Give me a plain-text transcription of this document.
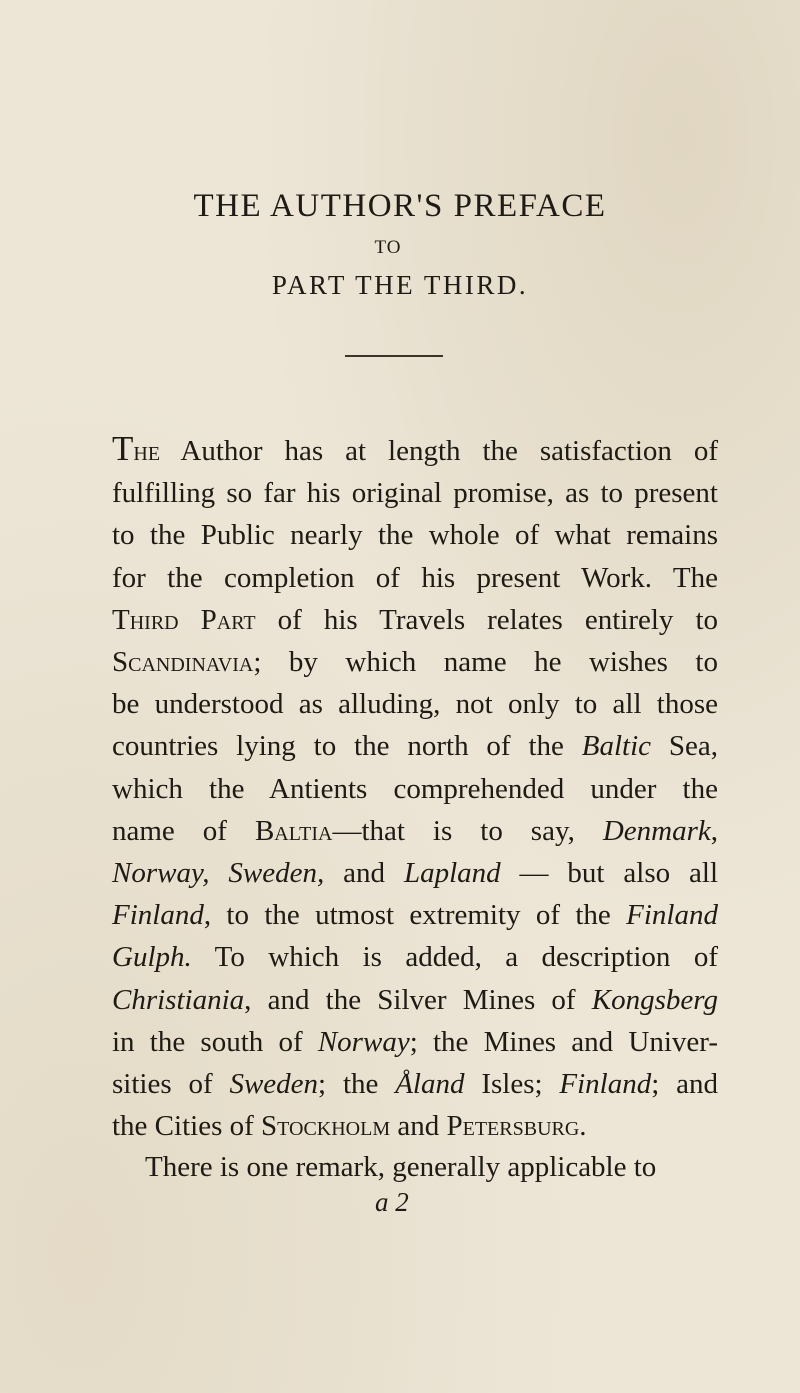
THE AUTHOR'S PREFACE
TO
PART THE THIRD.
The Author has at length the satisfaction of
fulfilling so far his original promise, as to present
to the Public nearly the whole of what remains
for the completion of his present Work. The
Third Part of his Travels relates entirely to
Scandinavia; by which name he wishes to
be understood as alluding, not only to all those
countries lying to the north of the Baltic Sea,
which the Antients comprehended under the
name of Baltia—that is to say, Denmark,
Norway, Sweden, and Lapland — but also all
Finland, to the utmost extremity of the Finland
Gulph. To which is added, a description of
Christiania, and the Silver Mines of Kongsberg
in the south of Norway; the Mines and Univer-
sities of Sweden; the Åland Isles; Finland; and
the Cities of Stockholm and Petersburg.
There is one remark, generally applicable to
a 2
